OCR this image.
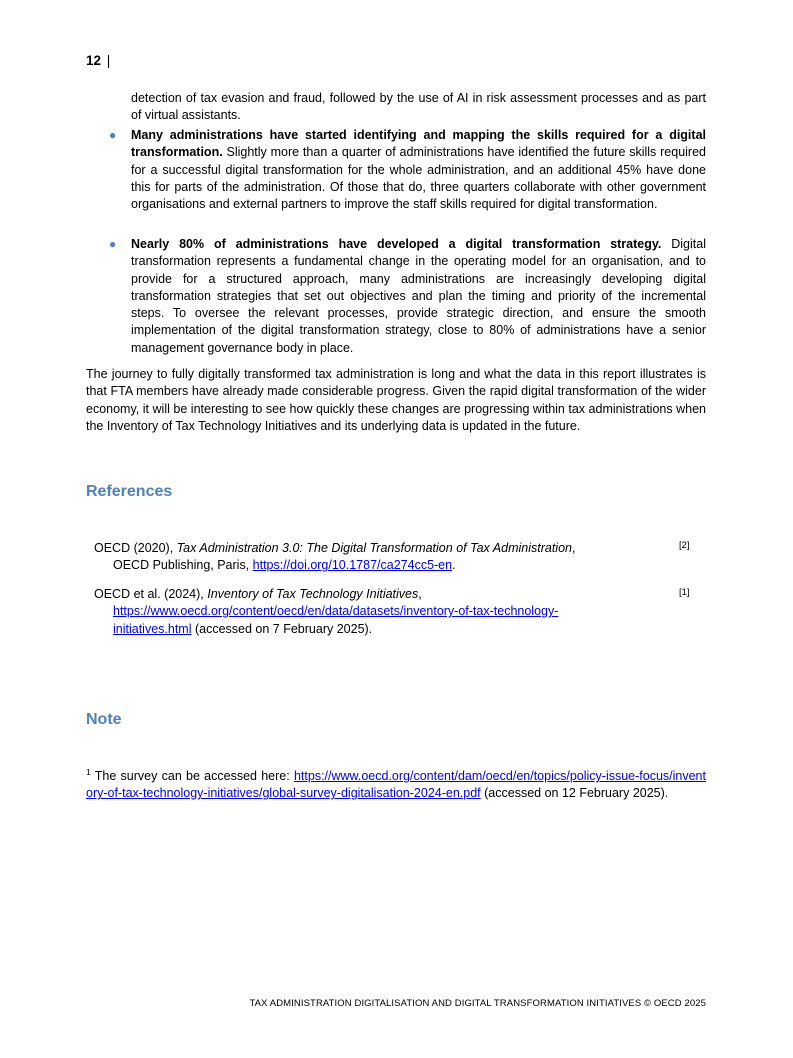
12 |
detection of tax evasion and fraud, followed by the use of AI in risk assessment processes and as part of virtual assistants.
● Many administrations have started identifying and mapping the skills required for a digital transformation. Slightly more than a quarter of administrations have identified the future skills required for a successful digital transformation for the whole administration, and an additional 45% have done this for parts of the administration. Of those that do, three quarters collaborate with other government organisations and external partners to improve the staff skills required for digital transformation.
● Nearly 80% of administrations have developed a digital transformation strategy. Digital transformation represents a fundamental change in the operating model for an organisation, and to provide for a structured approach, many administrations are increasingly developing digital transformation strategies that set out objectives and plan the timing and priority of the incremental steps. To oversee the relevant processes, provide strategic direction, and ensure the smooth implementation of the digital transformation strategy, close to 80% of administrations have a senior management governance body in place.
The journey to fully digitally transformed tax administration is long and what the data in this report illustrates is that FTA members have already made considerable progress. Given the rapid digital transformation of the wider economy, it will be interesting to see how quickly these changes are progressing within tax administrations when the Inventory of Tax Technology Initiatives and its underlying data is updated in the future.
References
OECD (2020), Tax Administration 3.0: The Digital Transformation of Tax Administration,
OECD Publishing, Paris, https://doi.org/10.1787/ca274cc5-en.
[2]
OECD et al. (2024), Inventory of Tax Technology Initiatives,
https://www.oecd.org/content/oecd/en/data/datasets/inventory-of-tax-technology-
initiatives.html (accessed on 7 February 2025).
[1]
Note
$^1$ The survey can be accessed here: https://www.oecd.org/content/dam/oecd/en/topics/policy-issue-focus/inventory-of-tax-technology-initiatives/global-survey-digitalisation-2024-en.pdf (accessed on 12 February 2025).
TAX ADMINISTRATION DIGITALISATION AND DIGITAL TRANSFORMATION INITIATIVES © OECD 2025
